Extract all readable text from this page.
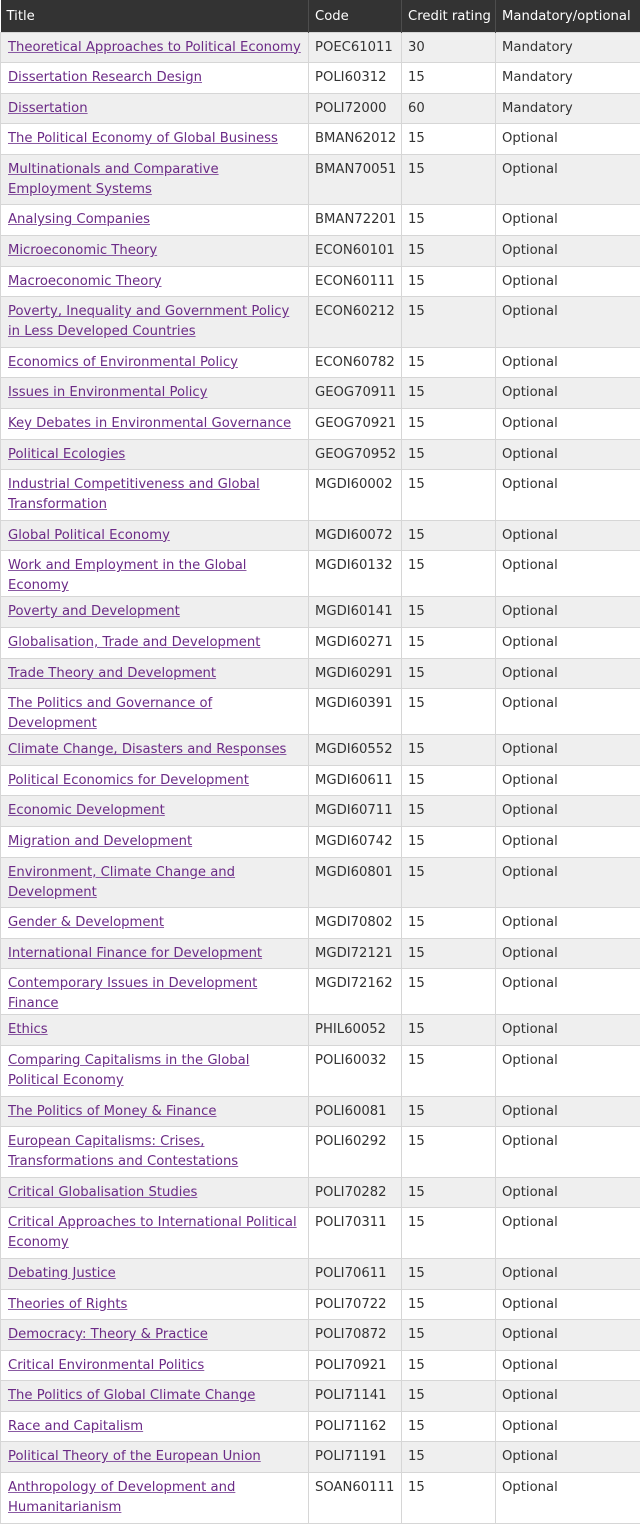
Title	Code	Credit rating	Mandatory/optional
Theoretical Approaches to Political Economy	POEC61011	30	Mandatory
Dissertation Research Design	POLI60312	15	Mandatory
Dissertation	POLI72000	60	Mandatory
The Political Economy of Global Business	BMAN62012	15	Optional
Multinationals and Comparative Employment Systems	BMAN70051	15	Optional
Analysing Companies	BMAN72201	15	Optional
Microeconomic Theory	ECON60101	15	Optional
Macroeconomic Theory	ECON60111	15	Optional
Poverty, Inequality and Government Policy in Less Developed Countries	ECON60212	15	Optional
Economics of Environmental Policy	ECON60782	15	Optional
Issues in Environmental Policy	GEOG70911	15	Optional
Key Debates in Environmental Governance	GEOG70921	15	Optional
Political Ecologies	GEOG70952	15	Optional
Industrial Competitiveness and Global Transformation	MGDI60002	15	Optional
Global Political Economy	MGDI60072	15	Optional
Work and Employment in the Global Economy	MGDI60132	15	Optional
Poverty and Development	MGDI60141	15	Optional
Globalisation, Trade and Development	MGDI60271	15	Optional
Trade Theory and Development	MGDI60291	15	Optional
The Politics and Governance of Development	MGDI60391	15	Optional
Climate Change, Disasters and Responses	MGDI60552	15	Optional
Political Economics for Development	MGDI60611	15	Optional
Economic Development	MGDI60711	15	Optional
Migration and Development	MGDI60742	15	Optional
Environment, Climate Change and Development	MGDI60801	15	Optional
Gender & Development	MGDI70802	15	Optional
International Finance for Development	MGDI72121	15	Optional
Contemporary Issues in Development Finance	MGDI72162	15	Optional
Ethics	PHIL60052	15	Optional
Comparing Capitalisms in the Global Political Economy	POLI60032	15	Optional
The Politics of Money & Finance	POLI60081	15	Optional
European Capitalisms: Crises, Transformations and Contestations	POLI60292	15	Optional
Critical Globalisation Studies	POLI70282	15	Optional
Critical Approaches to International Political Economy	POLI70311	15	Optional
Debating Justice	POLI70611	15	Optional
Theories of Rights	POLI70722	15	Optional
Democracy: Theory & Practice	POLI70872	15	Optional
Critical Environmental Politics	POLI70921	15	Optional
The Politics of Global Climate Change	POLI71141	15	Optional
Race and Capitalism	POLI71162	15	Optional
Political Theory of the European Union	POLI71191	15	Optional
Anthropology of Development and Humanitarianism	SOAN60111	15	Optional
